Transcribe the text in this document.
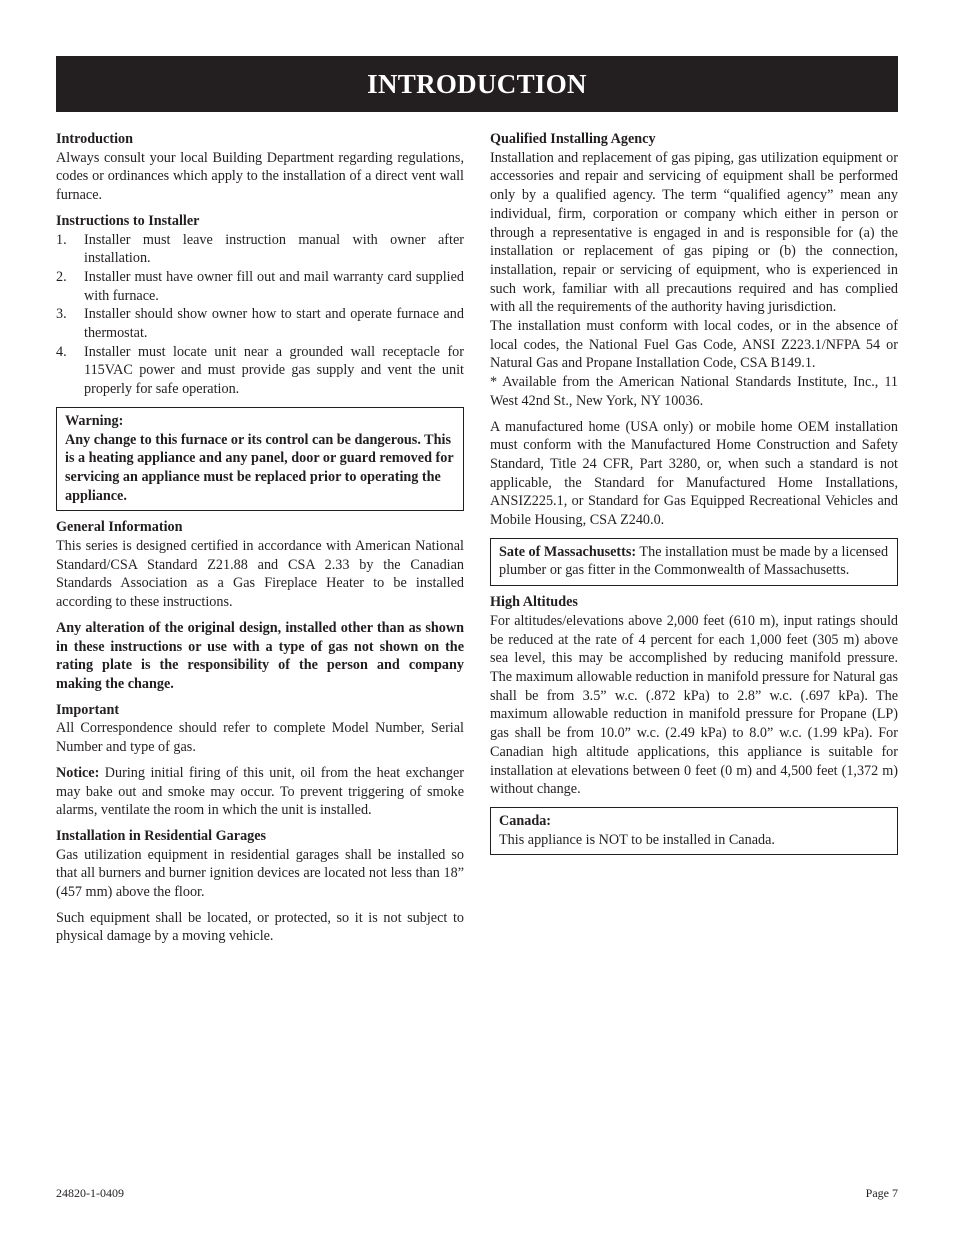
INTRODUCTION
Introduction

Always consult your local Building Department regarding regulations, codes or ordinances which apply to the installation of a direct vent wall furnace.

Instructions to Installer
1. Installer must leave instruction manual with owner after installation.
2. Installer must have owner fill out and mail warranty card supplied with furnace.
3. Installer should show owner how to start and operate furnace and thermostat.
4. Installer must locate unit near a grounded wall receptacle for 115VAC power and must provide gas supply and vent the unit properly for safe operation.
Warning:

Any change to this furnace or its control can be dangerous. This is a heating appliance and any panel, door or guard removed for servicing an appliance must be replaced prior to operating the appliance.

General Information

This series is designed certified in accordance with American National Standard/CSA Standard Z21.88 and CSA 2.33 by the Canadian Standards Association as a Gas Fireplace Heater to be installed according to these instructions.

Any alteration of the original design, installed other than as shown in these instructions or use with a type of gas not shown on the rating plate is the responsibility of the person and company making the change.

Important

All Correspondence should refer to complete Model Number, Serial Number and type of gas.

Notice: During initial firing of this unit, oil from the heat exchanger may bake out and smoke may occur. To prevent triggering of smoke alarms, ventilate the room in which the unit is installed.

Installation in Residential Garages

Gas utilization equipment in residential garages shall be installed so that all burners and burner ignition devices are located not less than 18” (457 mm) above the floor.

Such equipment shall be located, or protected, so it is not subject to physical damage by a moving vehicle.

Qualified Installing Agency

Installation and replacement of gas piping, gas utilization equipment or accessories and repair and servicing of equipment shall be performed only by a qualified agency. The term “qualified agency” mean any individual, firm, corporation or company which either in person or through a representative is engaged in and is responsible for (a) the installation or replacement of gas piping or (b) the connection, installation, repair or servicing of equipment, who is experienced in such work, familiar with all precautions required and has complied with all the requirements of the authority having jurisdiction.

The installation must conform with local codes, or in the absence of local codes, the National Fuel Gas Code, ANSI Z223.1/NFPA 54 or Natural Gas and Propane Installation Code, CSA B149.1.

* Available from the American National Standards Institute, Inc., 11 West 42nd St., New York, NY 10036.

A manufactured home (USA only) or mobile home OEM installation must conform with the Manufactured Home Construction and Safety Standard, Title 24 CFR, Part 3280, or, when such a standard is not applicable, the Standard for Manufactured Home Installations, ANSIZ225.1, or Standard for Gas Equipped Recreational Vehicles and Mobile Housing, CSA Z240.0.

Sate of Massachusetts: The installation must be made by a licensed plumber or gas fitter in the Commonwealth of Massachusetts.

High Altitudes

For altitudes/elevations above 2,000 feet (610 m), input ratings should be reduced at the rate of 4 percent for each 1,000 feet (305 m) above sea level, this may be accomplished by reducing manifold pressure. The maximum allowable reduction in manifold pressure for Natural gas shall be from 3.5” w.c. (.872 kPa) to 2.8” w.c. (.697 kPa). The maximum allowable reduction in manifold pressure for Propane (LP) gas shall be from 10.0” w.c. (2.49 kPa) to 8.0” w.c. (1.99 kPa). For Canadian high altitude applications, this appliance is suitable for installation at elevations between 0 feet (0 m) and 4,500 feet (1,372 m) without change.

Canada:

This appliance is NOT to be installed in Canada.

24820-1-0409	Page 7
